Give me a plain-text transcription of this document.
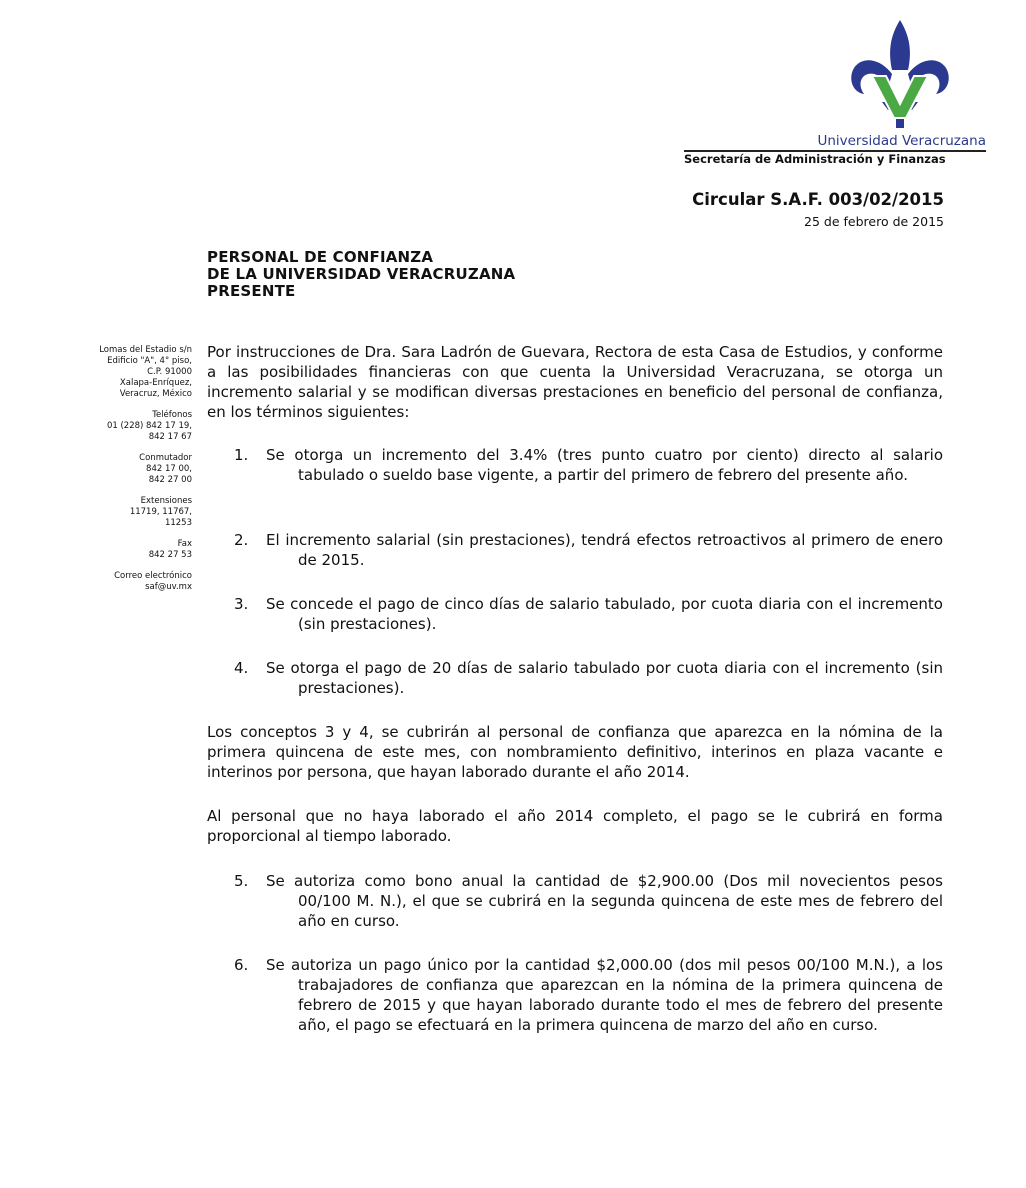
Universidad Veracruzana
Secretaría de Administración y Finanzas
Circular S.A.F. 003/02/2015
25 de febrero de 2015
PERSONAL DE CONFIANZA
DE LA UNIVERSIDAD VERACRUZANA
PRESENTE
Lomas del Estadio s/n
Edificio "A", 4° piso,
C.P. 91000
Xalapa-Enríquez,
Veracruz, México
Teléfonos
01 (228) 842 17 19,
842 17 67
Conmutador
842 17 00,
842 27 00
Extensiones
11719, 11767,
11253
Fax
842 27 53
Correo electrónico
saf@uv.mx
Por instrucciones de Dra. Sara Ladrón de Guevara, Rectora de esta Casa de Estudios, y conforme a las posibilidades financieras con que cuenta la Universidad Veracruzana, se otorga un incremento salarial y se modifican diversas prestaciones en beneficio del personal de confianza, en los términos siguientes:
1.	Se otorga un incremento del 3.4% (tres punto cuatro por ciento) directo al salario tabulado o sueldo base vigente, a partir del primero de febrero del presente año.
2.	El incremento salarial (sin prestaciones), tendrá efectos retroactivos al primero de enero de 2015.
3.	Se concede el pago de cinco días de salario tabulado, por cuota diaria con el incremento (sin prestaciones).
4.	Se otorga el pago de 20 días de salario tabulado por cuota diaria con el incremento (sin prestaciones).
Los conceptos 3 y 4, se cubrirán al personal de confianza que aparezca en la nómina de la primera quincena de este mes, con nombramiento definitivo, interinos en plaza vacante e interinos por persona, que hayan laborado durante el año 2014.
Al personal que no haya laborado el año 2014 completo, el pago se le cubrirá en forma proporcional al tiempo laborado.
5.	Se autoriza como bono anual la cantidad de $2,900.00 (Dos mil novecientos pesos 00/100 M. N.), el que se cubrirá en la segunda quincena de este mes de febrero del año en curso.
6.	Se autoriza un pago único por la cantidad $2,000.00 (dos mil pesos 00/100 M.N.), a los trabajadores de confianza que aparezcan en la nómina de la primera quincena de febrero de 2015 y que hayan laborado durante todo el mes de febrero del presente año, el pago se efectuará en la primera quincena de marzo del año en curso.
